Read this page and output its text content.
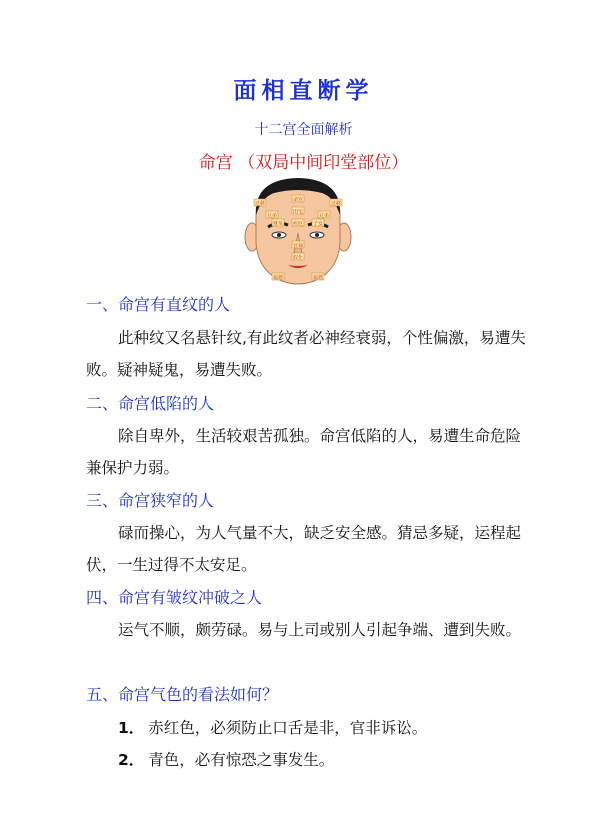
面相直断学
十二宫全面解析
命宫 （双局中间印堂部位）
迁移
命宫
迁移
兄弟
田宅
兄弟
财帛 疾厄 子女
官禄
奴仆
福德	福德
一、命宫有直纹的人
此种纹又名悬针纹,有此纹者必神经衰弱，个性偏激，易遭失败。疑神疑鬼，易遭失败。
二、命宫低陷的人
除自卑外，生活较艰苦孤独。命宫低陷的人，易遭生命危险兼保护力弱。
三、命宫狭窄的人
碌而操心，为人气量不大，缺乏安全感。猜忌多疑，运程起伏，一生过得不太安足。
四、命宫有皱纹冲破之人
运气不顺，颇劳碌。易与上司或别人引起争端、遭到失败。
五、命宫气色的看法如何？
1． 赤红色，必须防止口舌是非，官非诉讼。
2． 青色，必有惊恐之事发生。
